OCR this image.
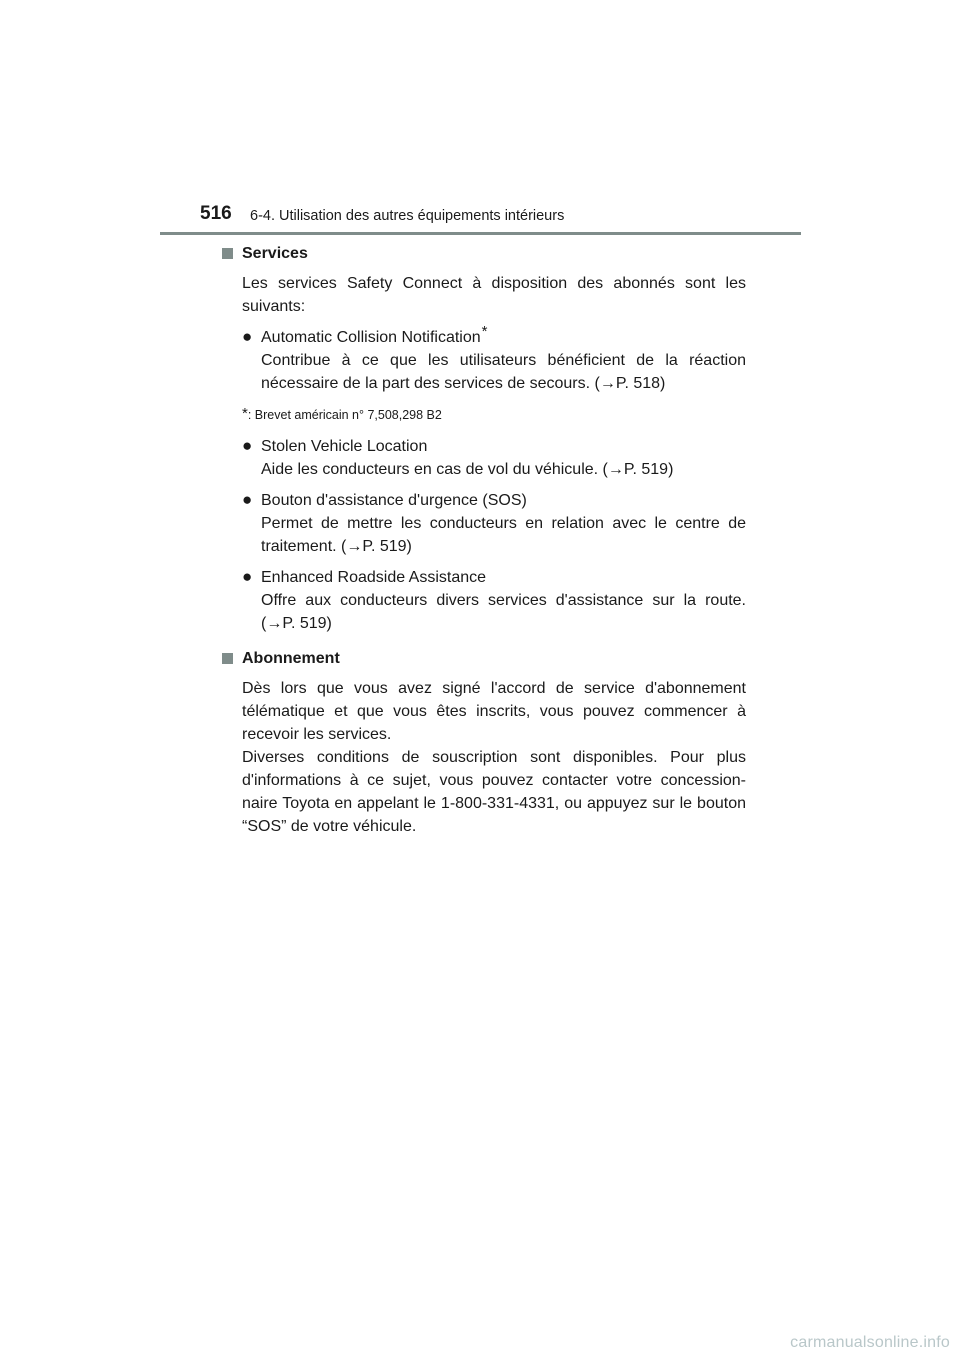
516 6-4. Utilisation des autres équipements intérieurs
Services
Les services Safety Connect à disposition des abonnés sont les suivants:
● Automatic Collision Notification*
Contribue à ce que les utilisateurs bénéficient de la réaction nécessaire de la part des services de secours. (→P. 518)
* : Brevet américain n° 7,508,298 B2
● Stolen Vehicle Location
Aide les conducteurs en cas de vol du véhicule. (→P. 519)
● Bouton d'assistance d'urgence (SOS)
Permet de mettre les conducteurs en relation avec le centre de traitement. (→P. 519)
● Enhanced Roadside Assistance
Offre aux conducteurs divers services d'assistance sur la route. (→P. 519)
Abonnement
Dès lors que vous avez signé l'accord de service d'abonnement télématique et que vous êtes inscrits, vous pouvez commencer à recevoir les services.
Diverses conditions de souscription sont disponibles. Pour plus d'informations à ce sujet, vous pouvez contacter votre concession-naire Toyota en appelant le 1-800-331-4331, ou appuyez sur le bouton “SOS” de votre véhicule.
carmanualsonline.info
